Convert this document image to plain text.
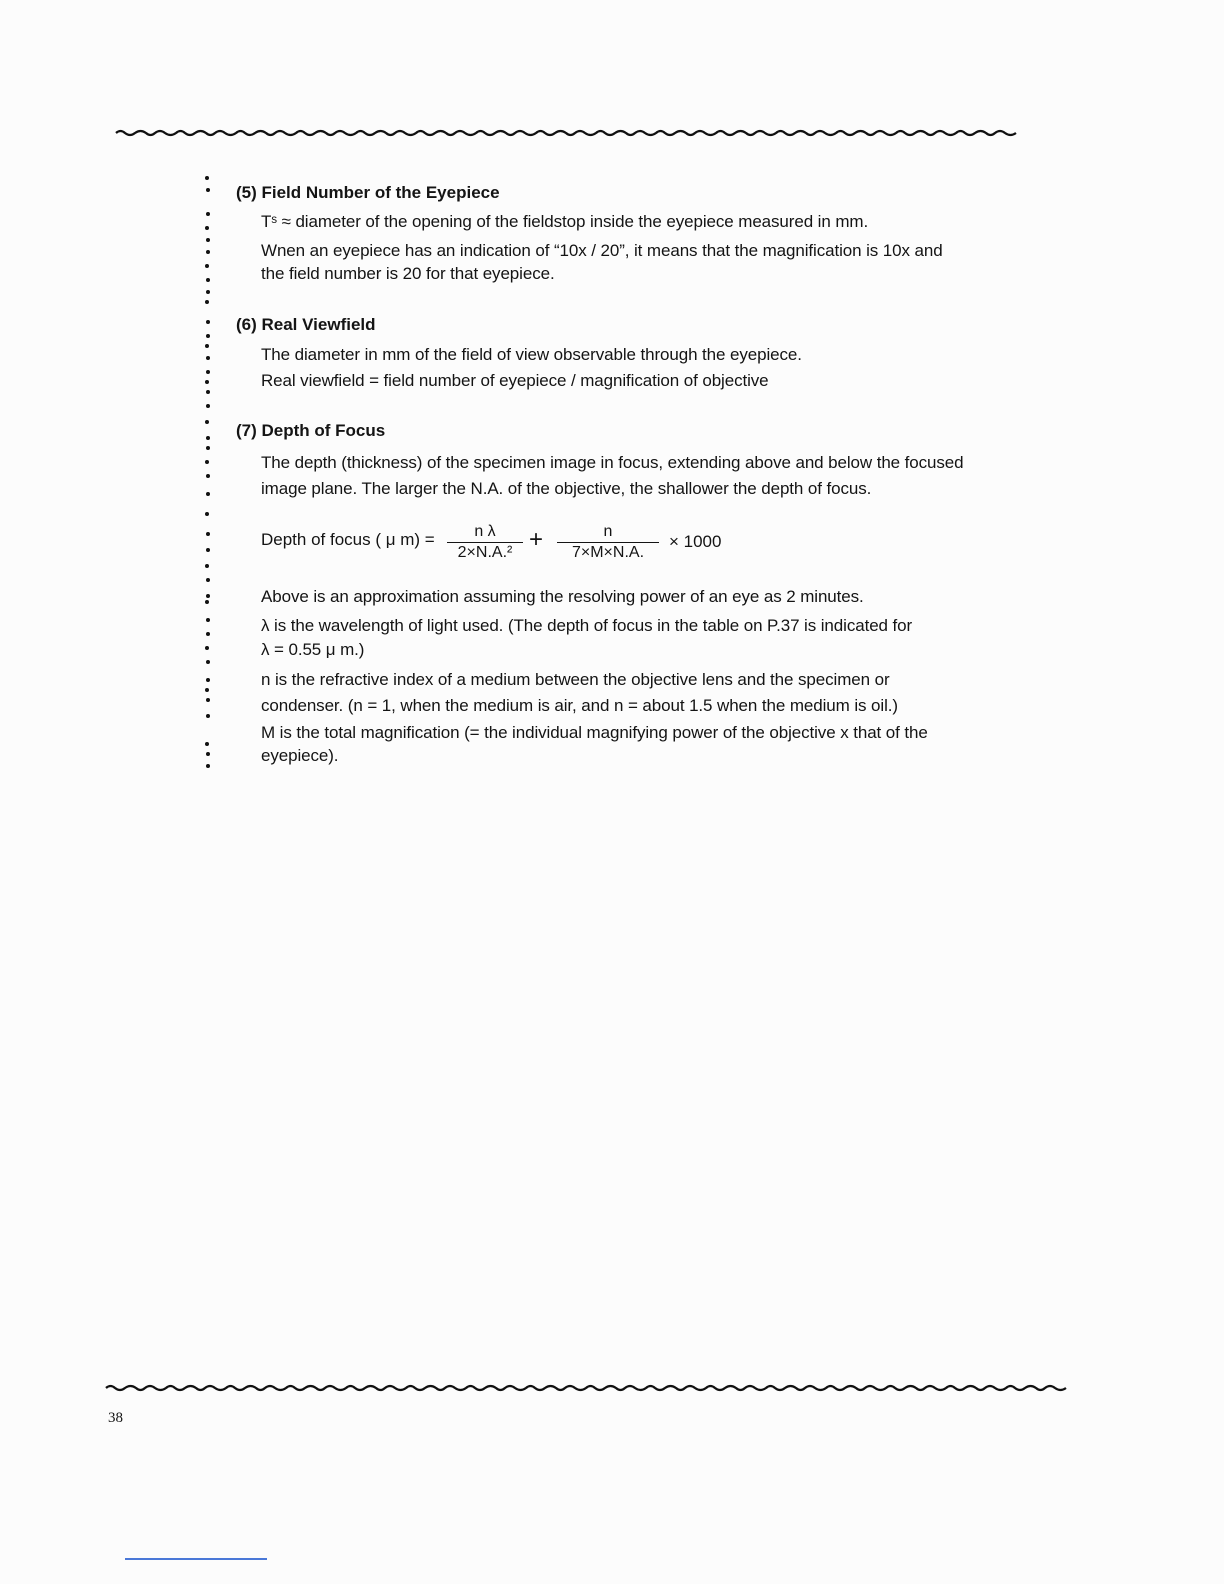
(5) Field Number of the Eyepiece
Tˢ ≈ diameter of the opening of the fieldstop inside the eyepiece measured in mm.
Wnen an eyepiece has an indication of “10x / 20”, it means that the magnification is 10x and
the field number is 20 for that eyepiece.
(6) Real Viewfield
The diameter in mm of the field of view observable through the eyepiece.
Real viewfield = field number of eyepiece / magnification of objective
(7) Depth of Focus
The depth (thickness) of the specimen image in focus, extending above and below the focused
image plane. The larger the N.A. of the objective, the shallower the depth of focus.
Depth of focus ( μ m) =	n λ
2×N.A.² +	n
7×M×N.A.
× 1000
Above is an approximation assuming the resolving power of an eye as 2 minutes.
λ is the wavelength of light used. (The depth of focus in the table on P.37 is indicated for
λ = 0.55 μ m.)
n is the refractive index of a medium between the objective lens and the specimen or
condenser. (n = 1, when the medium is air, and n = about 1.5 when the medium is oil.)
M is the total magnification (= the individual magnifying power of the objective x that of the
eyepiece).
38
